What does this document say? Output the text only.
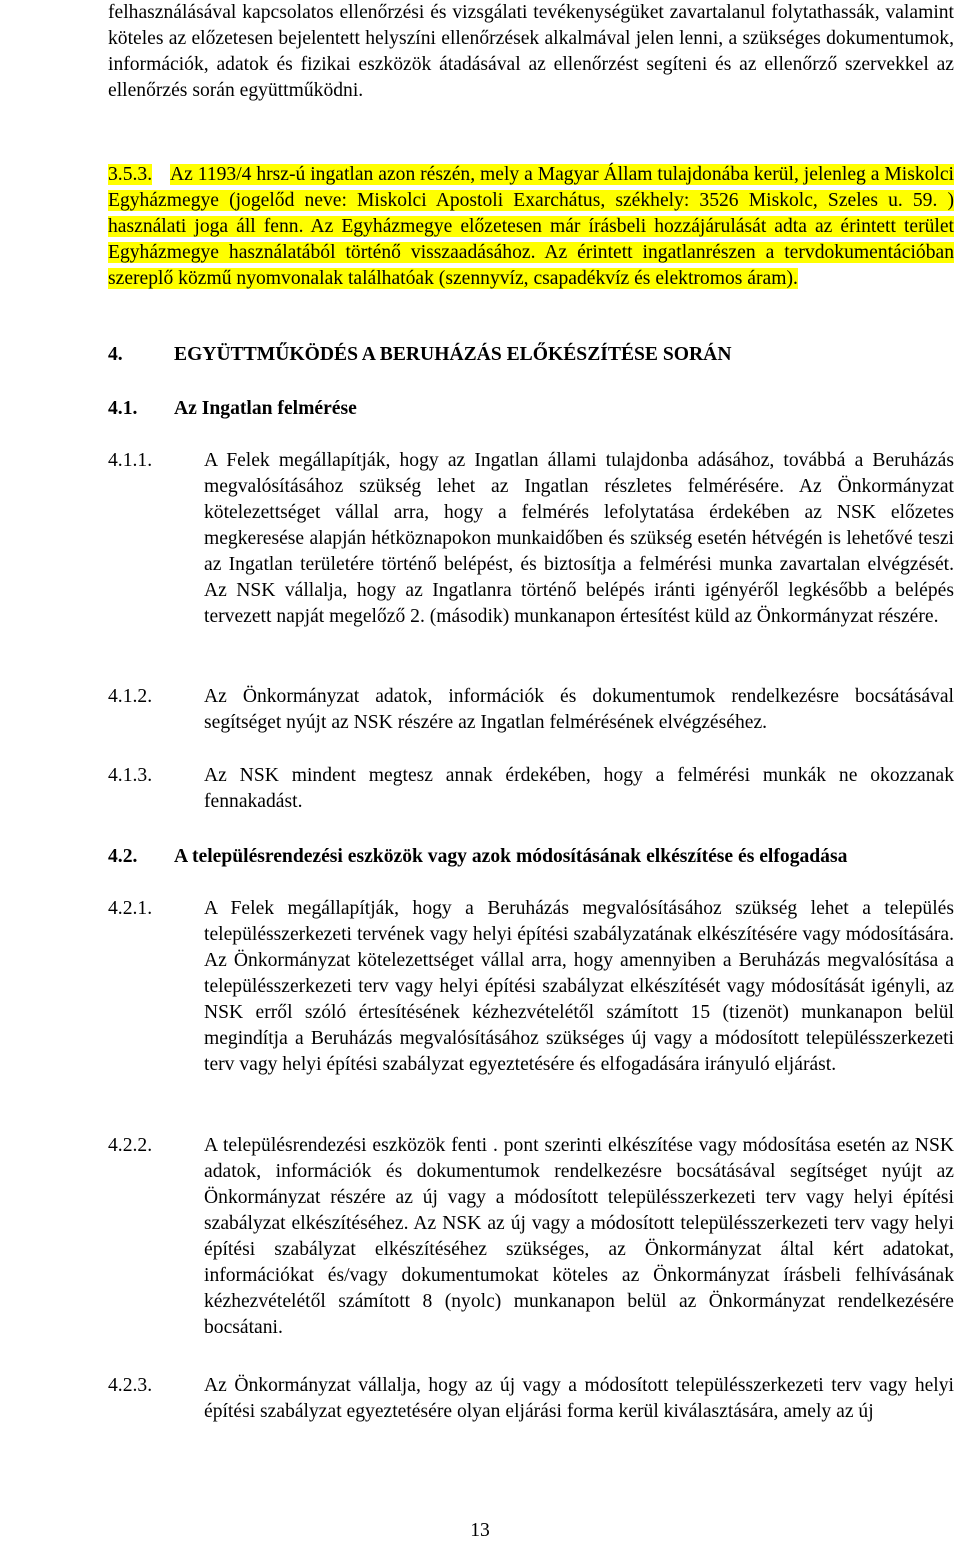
felhasználásával kapcsolatos ellenőrzési és vizsgálati tevékenységüket zavartalanul folytathassák, valamint köteles az előzetesen bejelentett helyszíni ellenőrzések alkalmával jelen lenni, a szükséges dokumentumok, információk, adatok és fizikai eszközök átadásával az ellenőrzést segíteni és az ellenőrző szervekkel az ellenőrzés során együttműködni.

3.5.3. Az 1193/4 hrsz-ú ingatlan azon részén, mely a Magyar Állam tulajdonába kerül, jelenleg a Miskolci Egyházmegye (jogelőd neve: Miskolci Apostoli Exarchátus, székhely: 3526 Miskolc, Szeles u. 59. ) használati joga áll fenn. Az Egyházmegye előzetesen már írásbeli hozzájárulását adta az érintett terület Egyházmegye használatából történő visszaadásához. Az érintett ingatlanrészen a tervdokumentációban szereplő közmű nyomvonalak találhatóak (szennyvíz, csapadékvíz és elektromos áram).

4.	EGYÜTTMŰKÖDÉS A BERUHÁZÁS ELŐKÉSZÍTÉSE SORÁN

4.1. Az Ingatlan felmérése

4.1.1.	A Felek megállapítják, hogy az Ingatlan állami tulajdonba adásához, továbbá a Beruházás megvalósításához szükség lehet az Ingatlan részletes felmérésére. Az Önkormányzat kötelezettséget vállal arra, hogy a felmérés lefolytatása érdekében az NSK előzetes megkeresése alapján hétköznapokon munkaidőben és szükség esetén hétvégén is lehetővé teszi az Ingatlan területére történő belépést, és biztosítja a felmérési munka zavartalan elvégzését. Az NSK vállalja, hogy az Ingatlanra történő belépés iránti igényéről legkésőbb a belépés tervezett napját megelőző 2. (második) munkanapon értesítést küld az Önkormányzat részére.

4.1.2.	Az Önkormányzat adatok, információk és dokumentumok rendelkezésre bocsátásával segítséget nyújt az NSK részére az Ingatlan felmérésének elvégzéséhez.

4.1.3.	Az NSK mindent megtesz annak érdekében, hogy a felmérési munkák ne okozzanak fennakadást.

4.2. A településrendezési eszközök vagy azok módosításának elkészítése és elfogadása

4.2.1.	A Felek megállapítják, hogy a Beruházás megvalósításához szükség lehet a település településszerkezeti tervének vagy helyi építési szabályzatának elkészítésére vagy módosítására. Az Önkormányzat kötelezettséget vállal arra, hogy amennyiben a Beruházás megvalósítása a településszerkezeti terv vagy helyi építési szabályzat elkészítését vagy módosítását igényli, az NSK erről szóló értesítésének kézhezvételétől számított 15 (tizenöt) munkanapon belül megindítja a Beruházás megvalósításához szükséges új vagy a módosított településszerkezeti terv vagy helyi építési szabályzat egyeztetésére és elfogadására irányuló eljárást.

4.2.2.	A településrendezési eszközök fenti . pont szerinti elkészítése vagy módosítása esetén az NSK adatok, információk és dokumentumok rendelkezésre bocsátásával segítséget nyújt az Önkormányzat részére az új vagy a módosított településszerkezeti terv vagy helyi építési szabályzat elkészítéséhez. Az NSK az új vagy a módosított településszerkezeti terv vagy helyi építési szabályzat elkészítéséhez szükséges, az Önkormányzat által kért adatokat, információkat és/vagy dokumentumokat köteles az Önkormányzat írásbeli felhívásának kézhezvételétől számított 8 (nyolc) munkanapon belül az Önkormányzat rendelkezésére bocsátani.

4.2.3.	Az Önkormányzat vállalja, hogy az új vagy a módosított településszerkezeti terv vagy helyi építési szabályzat egyeztetésére olyan eljárási forma kerül kiválasztására, amely az új

13
